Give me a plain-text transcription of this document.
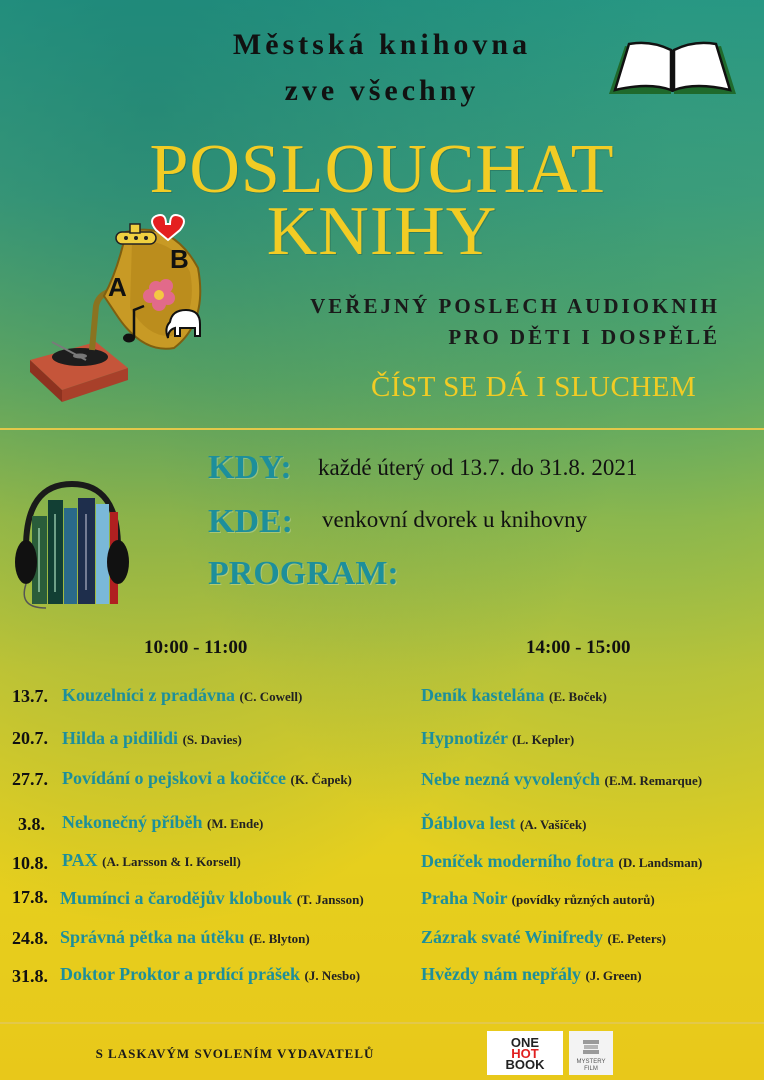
Městská knihovna
zve všechny
POSLOUCHAT
KNIHY
A
B
VEŘEJNÝ POSLECH AUDIOKNIH
PRO DĚTI I DOSPĚLÉ
ČÍST SE DÁ I SLUCHEM
KDY: každé úterý od 13.7. do 31.8. 2021
KDE: venkovní dvorek u knihovny
PROGRAM:
10:00 - 11:00	14:00 - 15:00
13.7. Kouzelníci z pradávna (C. Cowell)	Deník kastelána (E. Boček)
20.7. Hilda a pidilidi (S. Davies)	Hypnotizér (L. Kepler)
27.7. Povídání o pejskovi a kočičce (K. Čapek)	Nebe nezná vyvolených (E.M. Remarque)
3.8. Nekonečný příběh (M. Ende)	Ďáblova lest (A. Vašíček)
10.8. PAX (A. Larsson & I. Korsell)	Deníček moderního fotra (D. Landsman)
17.8. Mumínci a čarodějův klobouk (T. Jansson)	Praha Noir (povídky různých autorů)
24.8. Správná pětka na útěku (E. Blyton)	Zázrak svaté Winifredy (E. Peters)
31.8. Doktor Proktor a prdící prášek (J. Nesbo)	Hvězdy nám nepřály (J. Green)
S LASKAVÝM SVOLENÍM VYDAVATELŮ
ONE
HOT
BOOK	MYSTERY
FILM
